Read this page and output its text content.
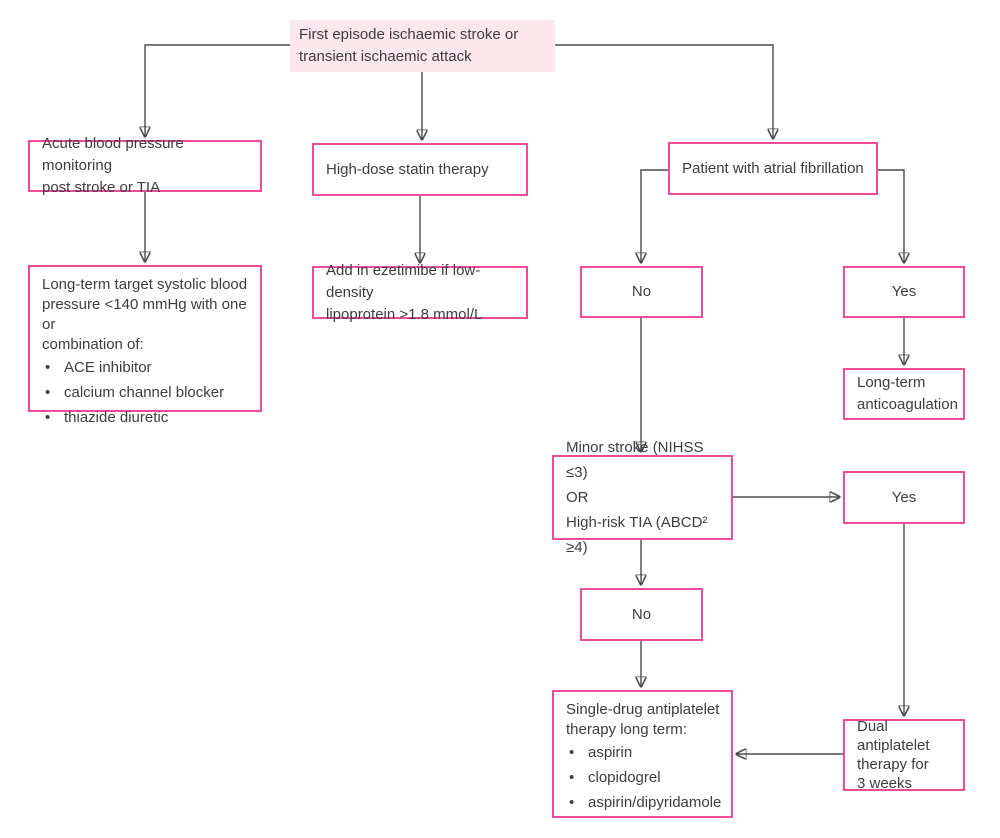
First episode ischaemic stroke or
transient ischaemic attack
Acute blood pressure monitoring
post stroke or TIA
Long-term target systolic blood
pressure <140 mmHg with one or
combination of:
• ACE inhibitor
• calcium channel blocker
• thiazide diuretic
High-dose statin therapy
Add in ezetimibe if low-density
lipoprotein >1.8 mmol/L
Patient with atrial fibrillation
No	Yes
Long-term
anticoagulation
Minor stroke (NIHSS ≤3)
OR
High-risk TIA (ABCD² ≥4)
Yes
No
Single-drug antiplatelet
therapy long term:
• aspirin
• clopidogrel
• aspirin/dipyridamole
Dual antiplatelet
therapy for
3 weeks
